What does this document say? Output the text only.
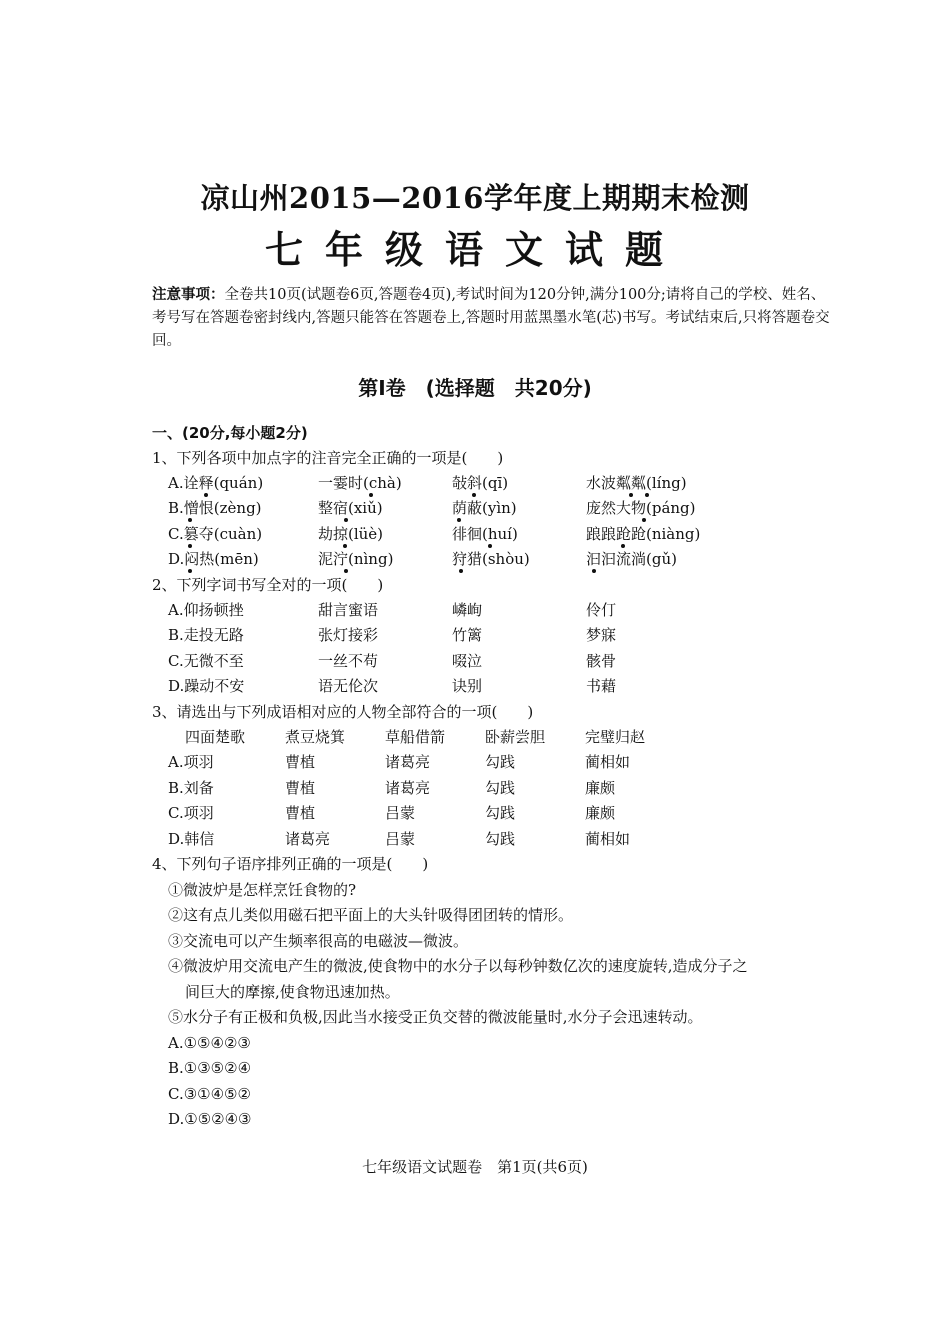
凉山州2015—2016学年度上期期末检测
七年级语文试题
注意事项：全卷共10页(试题卷6页,答题卷4页),考试时间为120分钟,满分100分;请将自己的学校、姓名、考号写在答题卷密封线内,答题只能答在答题卷上,答题时用蓝黑墨水笔(芯)书写。考试结束后,只将答题卷交回。
第Ⅰ卷　(选择题　共20分)
一、(20分,每小题2分)
1、下列各项中加点字的注音完全正确的一项是(　　)
A.诠释(quán)	一霎时(chà)	敧斜(qī)	水波粼粼(líng)
B.憎恨(zèng)	整宿(xiǔ)	荫蔽(yìn)	庞然大物(páng)
C.篡夺(cuàn)	劫掠(lüè)	徘徊(huí)	踉踉跄跄(niàng)
D.闷热(mēn)	泥泞(nìng)	狩猎(shòu)	汩汩流淌(gǔ)
2、下列字词书写全对的一项(　　)
A.仰扬顿挫	甜言蜜语	嶙峋	伶仃
B.走投无路	张灯接彩	竹篱	梦寐
C.无微不至	一丝不苟	啜泣	骸骨
D.躁动不安	语无伦次	诀别	书藉
3、请选出与下列成语相对应的人物全部符合的一项(　　)
四面楚歌	煮豆烧箕	草船借箭	卧薪尝胆	完璧归赵
A.项羽	曹植	诸葛亮	勾践	蔺相如
B.刘备	曹植	诸葛亮	勾践	廉颇
C.项羽	曹植	吕蒙	勾践	廉颇
D.韩信	诸葛亮	吕蒙	勾践	蔺相如
4、下列句子语序排列正确的一项是(　　)
①微波炉是怎样烹饪食物的?
②这有点儿类似用磁石把平面上的大头针吸得团团转的情形。
③交流电可以产生频率很高的电磁波—微波。
④微波炉用交流电产生的微波,使食物中的水分子以每秒钟数亿次的速度旋转,造成分子之
间巨大的摩擦,使食物迅速加热。
⑤水分子有正极和负极,因此当水接受正负交替的微波能量时,水分子会迅速转动。
A.①⑤④②③
B.①③⑤②④
C.③①④⑤②
D.①⑤②④③
七年级语文试题卷　第1页(共6页)
